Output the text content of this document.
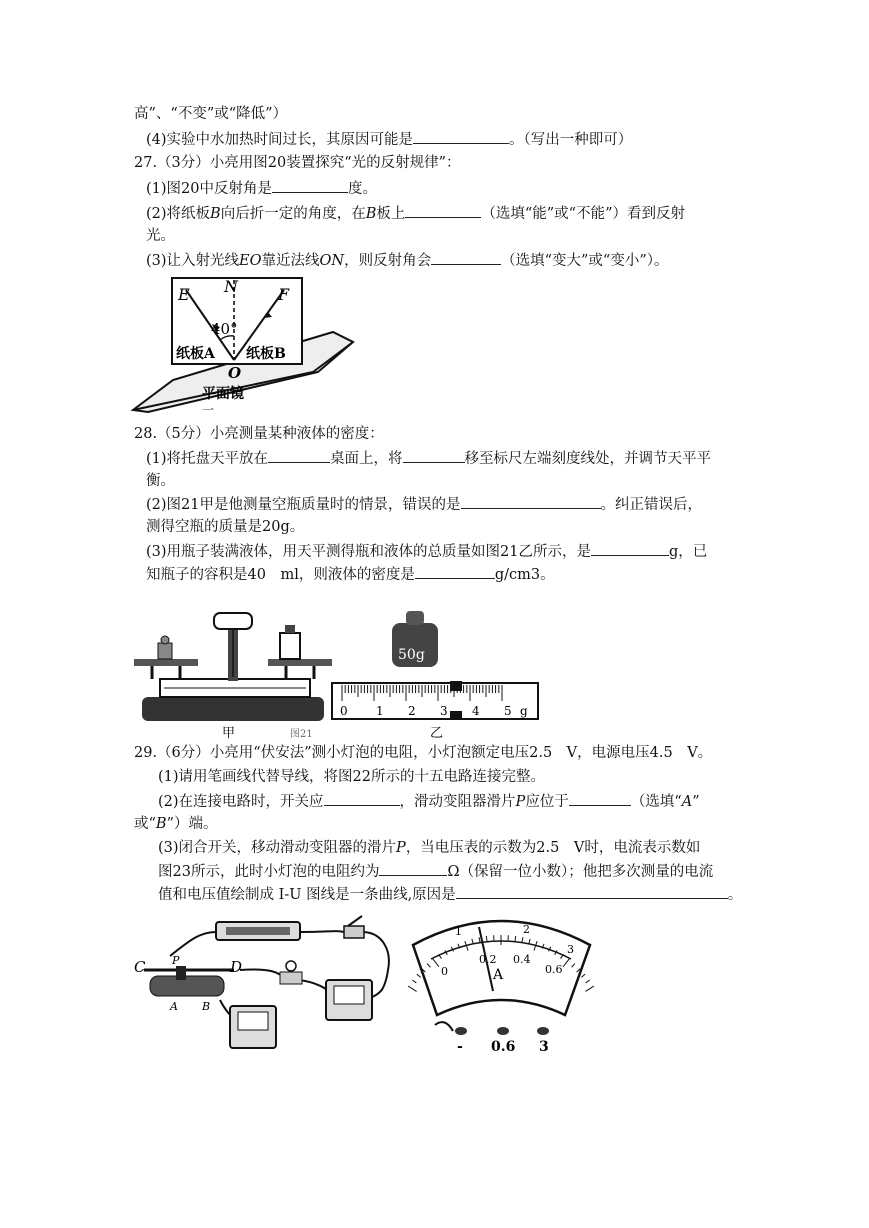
高”、“不变”或“降低”）
(4)实验中水加热时间过长，其原因可能是	。（写出一种即可）
27.（3分）小亮用图20装置探究“光的反射规律”：
(1)图20中反射角是	度。
(2)将纸板B向后折一定的角度，在B板上	（选填“能”或“不能”）看到反射
光。
(3)让入射光线EO靠近法线ON，则反射角会	（选填“变大”或“变小”）。
E N	F
40°
纸板A 纸板B
O
平面镜
一
28.（5分）小亮测量某种液体的密度：
(1)将托盘天平放在	桌面上，将	移至标尺左端刻度线处，并调节天平平
衡。
(2)图21甲是他测量空瓶质量时的情景，错误的是	。纠正错误后，
测得空瓶的质量是20g。
(3)用瓶子装满液体，用天平测得瓶和液体的总质量如图21乙所示，是	g，已
知瓶子的容积是40　ml，则液体的密度是	g/cm3。
甲	图21
50g
0 1 2 3 4 5 g
乙
29.（6分）小亮用“伏安法”测小灯泡的电阻，小灯泡额定电压2.5　V，电源电压4.5　V。
(1)请用笔画线代替导线，将图22所示的十五电路连接完整。
(2)在连接电路时，开关应	，滑动变阻器滑片P应位于	（选填“A”
或“B”）端。
(3)闭合开关，移动滑动变阻器的滑片P，当电压表的示数为2.5　V时，电流表示数如
图23所示，此时小灯泡的电阻约为	Ω（保留一位小数）；他把多次测量的电流
值和电压值绘制成 I-U 图线是一条曲线,原因是	。
C	D
P
A B
1	2
3
0
0.2 0.4
0.6
A
- 0.6 3
